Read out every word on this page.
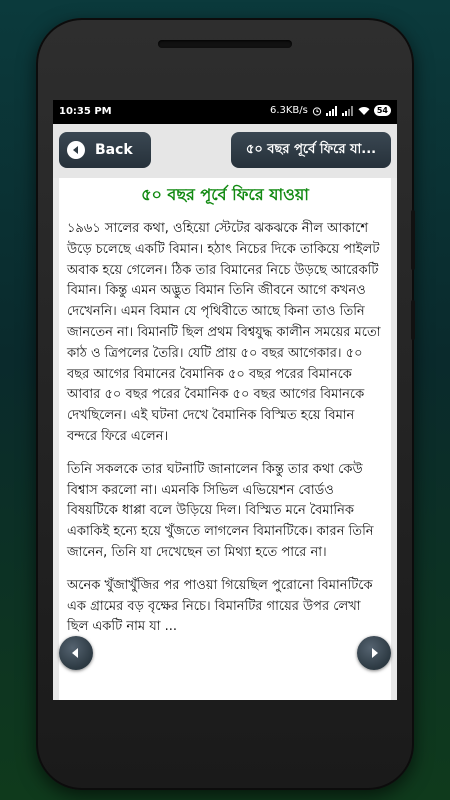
10:35 PM	6.3KB/s	54
Back	৫০ বছর পূর্বে ফিরে যা...
৫০ বছর পূর্বে ফিরে যাওয়া

১৯৬১ সালের কথা, ওহিয়ো স্টেটের ঝকঝকে নীল আকাশে উড়ে চলেছে একটি বিমান। হঠাৎ নিচের দিকে তাকিয়ে পাইলট অবাক হয়ে গেলেন। ঠিক তার বিমানের নিচে উড়ছে আরেকটি বিমান। কিন্তু এমন অদ্ভুত বিমান তিনি জীবনে আগে কখনও দেখেননি। এমন বিমান যে পৃথিবীতে আছে কিনা তাও তিনি জানতেন না। বিমানটি ছিল প্রথম বিশ্বযুদ্ধ কালীন সময়ের মতো কাঠ ও ত্রিপলের তৈরি। যেটি প্রায় ৫০ বছর আগেকার। ৫০ বছর আগের বিমানের বৈমানিক ৫০ বছর পরের বিমানকে আবার ৫০ বছর পরের বৈমানিক ৫০ বছর আগের বিমানকে দেখছিলেন। এই ঘটনা দেখে বৈমানিক বিস্মিত হয়ে বিমান বন্দরে ফিরে এলেন।

তিনি সকলকে তার ঘটনাটি জানালেন কিন্তু তার কথা কেউ বিশ্বাস করলো না। এমনকি সিভিল এভিয়েশন বোর্ডও বিষয়টিকে ধাপ্পা বলে উড়িয়ে দিল। বিস্মিত মনে বৈমানিক একাকিই হন্যে হয়ে খুঁজতে লাগলেন বিমানটিকে। কারন তিনি জানেন, তিনি যা দেখেছেন তা মিথ্যা হতে পারে না।

অনেক খুঁজাখুঁজির পর পাওয়া গিয়েছিল পুরোনো বিমানটিকে এক গ্রামের বড় বৃক্ষের নিচে। বিমানটির গায়ের উপর লেখা ছিল একটি নাম যা ...
